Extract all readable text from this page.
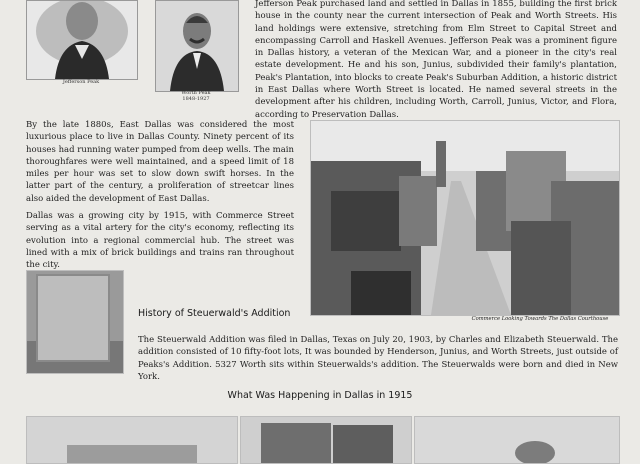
Jefferson Peak
Worth Peak
1848-1927

Jefferson Peak purchased land and settled in Dallas in 1855, building the first brick house in the county near the current intersection of Peak and Worth Streets. His land holdings were extensive, stretching from Elm Street to Capital Street and encompassing Carroll and Haskell Avenues. Jefferson Peak was a prominent figure in Dallas history, a veteran of the Mexican War, and a pioneer in the city's real estate development. He and his son, Junius, subdivided their family's plantation, Peak's Plantation, into blocks to create Peak's Suburban Addition, a historic district in East Dallas where Worth Street is located. He named several streets in the development after his children, including Worth, Carroll, Junius, Victor, and Flora, according to Preservation Dallas.

By the late 1880s, East Dallas was considered the most luxurious place to live in Dallas County. Ninety percent of its houses had running water pumped from deep wells. The main thoroughfares were well maintained, and a speed limit of 18 miles per hour was set to slow down swift horses. In the latter part of the century, a proliferation of streetcar lines also aided the development of East Dallas.

Dallas was a growing city by 1915, with Commerce Street serving as a vital artery for the city's economy, reflecting its evolution into a regional commercial hub. The street was lined with a mix of brick buildings and trains ran throughout the city.

Commerce Looking Towards The Dallas Courthouse
History of Steuerwald's Addition

The Steuerwald Addition was filed in Dallas, Texas on July 20, 1903, by Charles and Elizabeth Steuerwald. The addition consisted of 10 fifty-foot lots, It was bounded by Henderson, Junius, and Worth Streets, just outside of Peaks's Addition. 5327 Worth sits within Steuerwalds's addition. The Steuerwalds were born and died in New York.

What Was Happening in Dallas in 1915
